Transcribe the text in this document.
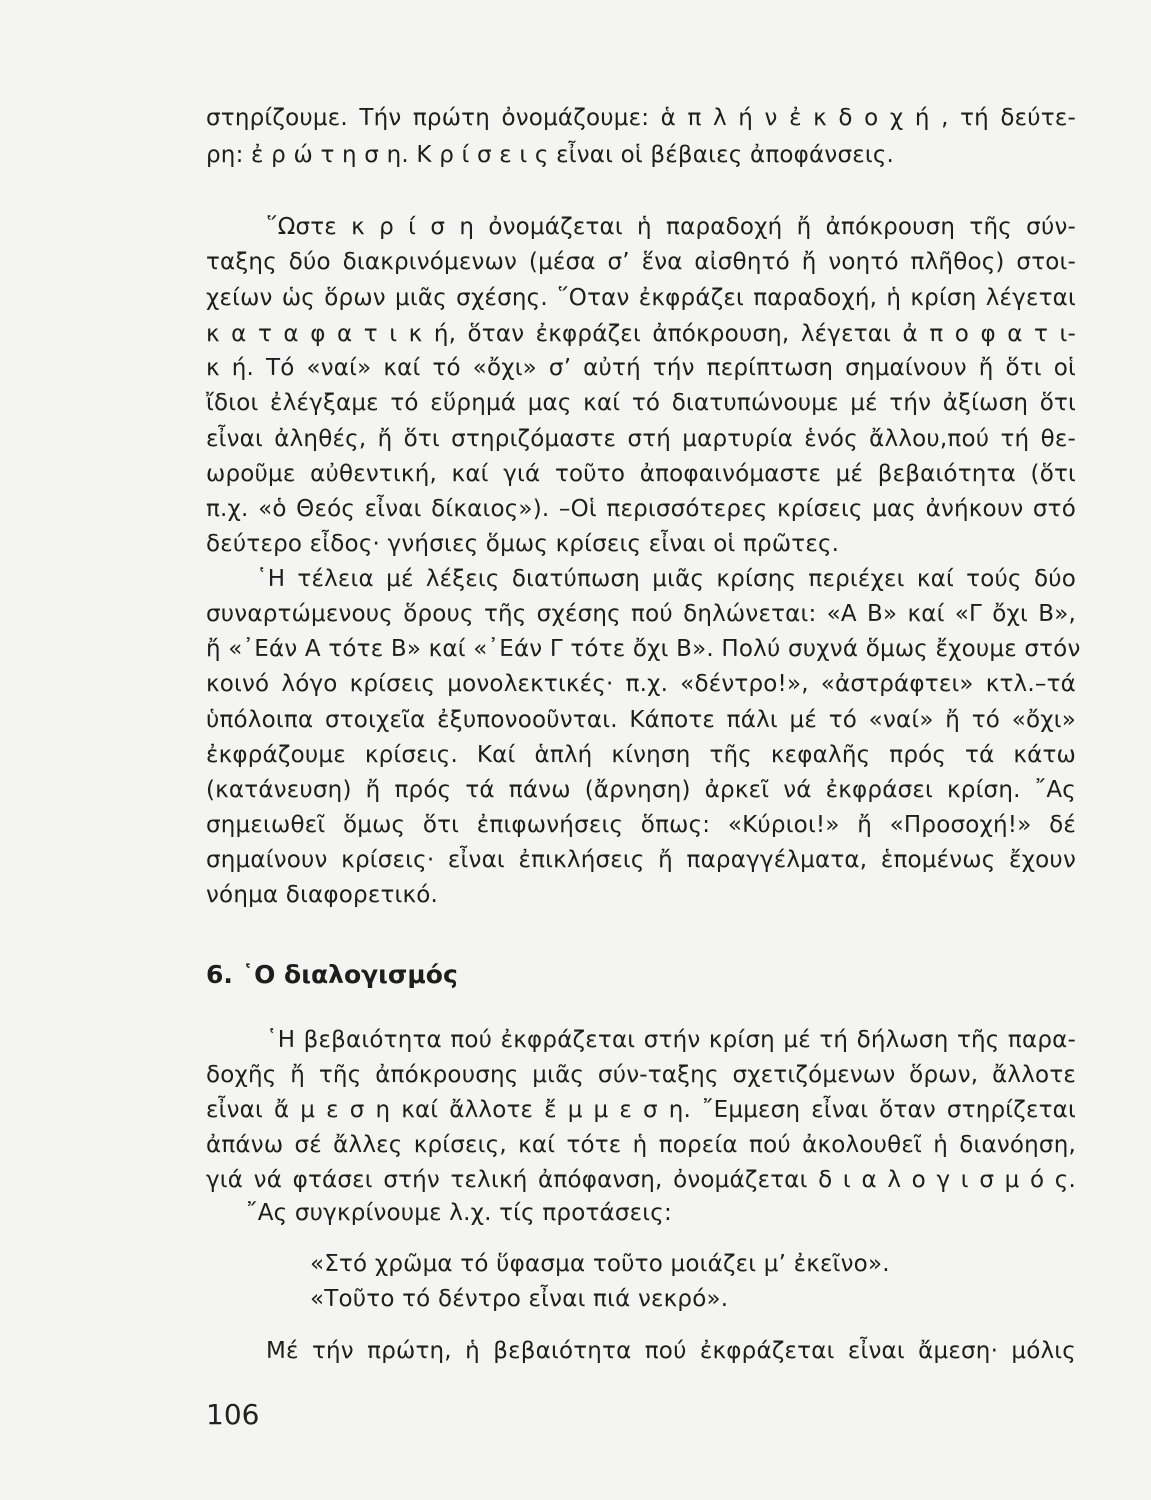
στηρίζουμε. Τήν πρώτη ὀνομάζουμε: ἁ π λ ή ν ἐ κ δ ο χ ή , τή δεύτε-
ρη: ἐ ρ ώ τ η σ η. Κ ρ ί σ ε ι ς εἶναι οἱ βέβαιες ἀποφάνσεις.
῞Ωστε κ ρ ί σ η ὀνομάζεται ἡ παραδοχή ἤ ἀπόκρουση τῆς σύν-
ταξης δύο διακρινόμενων (μέσα σ’ ἕνα αἰσθητό ἤ νοητό πλῆθος) στοι-
χείων ὡς ὅρων μιᾶς σχέσης. ῞Οταν ἐκφράζει παραδοχή, ἡ κρίση λέγεται
κ α τ α φ α τ ι κ ή, ὅταν ἐκφράζει ἀπόκρουση, λέγεται ἀ π ο φ α τ ι-
κ ή. Τό «ναί» καί τό «ὄχι» σ’ αὐτή τήν περίπτωση σημαίνουν ἤ ὅτι οἱ
ἴδιοι ἐλέγξαμε τό εὕρημά μας καί τό διατυπώνουμε μέ τήν ἀξίωση ὅτι
εἶναι ἀληθές, ἤ ὅτι στηριζόμαστε στή μαρτυρία ἑνός ἄλλου,πού τή θε-
ωροῦμε αὐθεντική, καί γιά τοῦτο ἀποφαινόμαστε μέ βεβαιότητα (ὅτι
π.χ. «ὁ Θεός εἶναι δίκαιος»). –Οἱ περισσότερες κρίσεις μας ἀνήκουν στό
δεύτερο εἶδος· γνήσιες ὅμως κρίσεις εἶναι οἱ πρῶτες.
῾Η τέλεια μέ λέξεις διατύπωση μιᾶς κρίσης περιέχει καί τούς δύο
συναρτώμενους ὅρους τῆς σχέσης πού δηλώνεται: «Α Β» καί «Γ ὄχι Β»,
ἤ «᾽Εάν Α τότε Β» καί «᾽Εάν Γ τότε ὄχι Β». Πολύ συχνά ὅμως ἔχουμε στόν
κοινό λόγο κρίσεις μονολεκτικές· π.χ. «δέντρο!», «ἀστράφτει» κτλ.–τά
ὑπόλοιπα στοιχεῖα ἐξυπονοοῦνται. Κάποτε πάλι μέ τό «ναί» ἤ τό «ὄχι»
ἐκφράζουμε κρίσεις. Καί ἁπλή κίνηση τῆς κεφαλῆς πρός τά κάτω
(κατάνευση) ἤ πρός τά πάνω (ἄρνηση) ἀρκεῖ νά ἐκφράσει κρίση. ῎Ας
σημειωθεῖ ὅμως ὅτι ἐπιφωνήσεις ὅπως: «Κύριοι!» ἤ «Προσοχή!» δέ
σημαίνουν κρίσεις· εἶναι ἐπικλήσεις ἤ παραγγέλματα, ἑπομένως ἔχουν
νόημα διαφορετικό.
6. ῾Ο διαλογισμός
῾Η βεβαιότητα πού ἐκφράζεται στήν κρίση μέ τή δήλωση τῆς παρα-
δοχῆς ἤ τῆς ἀπόκρουσης μιᾶς σύν-ταξης σχετιζόμενων ὅρων, ἄλλοτε
εἶναι ἄ μ ε σ η καί ἄλλοτε ἔ μ μ ε σ η. ῎Εμμεση εἶναι ὅταν στηρίζεται
ἀπάνω σέ ἄλλες κρίσεις, καί τότε ἡ πορεία πού ἀκολουθεῖ ἡ διανόηση,
γιά νά φτάσει στήν τελική ἀπόφανση, ὀνομάζεται δ ι α λ ο γ ι σ μ ό ς.
῎Ας συγκρίνουμε λ.χ. τίς προτάσεις:
«Στό χρῶμα τό ὕφασμα τοῦτο μοιάζει μ’ ἐκεῖνο».
«Τοῦτο τό δέντρο εἶναι πιά νεκρό».
Μέ τήν πρώτη, ἡ βεβαιότητα πού ἐκφράζεται εἶναι ἄμεση· μόλις
106
